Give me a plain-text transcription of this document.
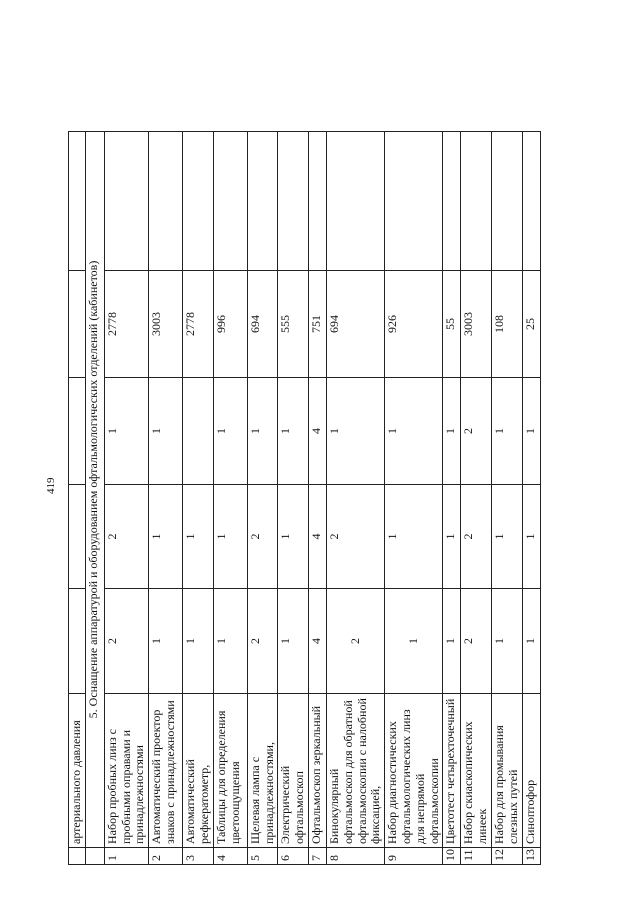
419
	артериального давления					
	5. Оснащение аппаратурой и оборудованием офтальмологических отделений (кабинетов)					
1	Набор пробных линз с пробными оправами и принадлежностями	2	2	1	2778	
2	Автоматический проектор знаков с принадлежностями	1	1	1	3003	
3	Автоматический рефкератометр,	1	1		2778	
4	Таблицы для определения цветоощущения	1	1	1	996	
5	Щелевая лампа с принадлежностями,	2	2	1	694	
6	Электрический офтальмоскоп	1	1	1	555	
7	Офтальмоскоп зеркальный	4	4	4	751	
8	Бинокулярный офтальмоскоп для обратной офтальмоскопии с налобной фиксацией,	2	2	1	694	
9	Набор диагностических офтальмологических линз для непрямой офтальмоскопии	1	1	1	926	
10	Цветотест четырехточечный	1	1	1	55	
11	Набор скиаскопических линеек	2	2	2	3003	
12	Набор для промывания слезных путей	1	1	1	108	
13	Синоптофор	1	1	1	25	
